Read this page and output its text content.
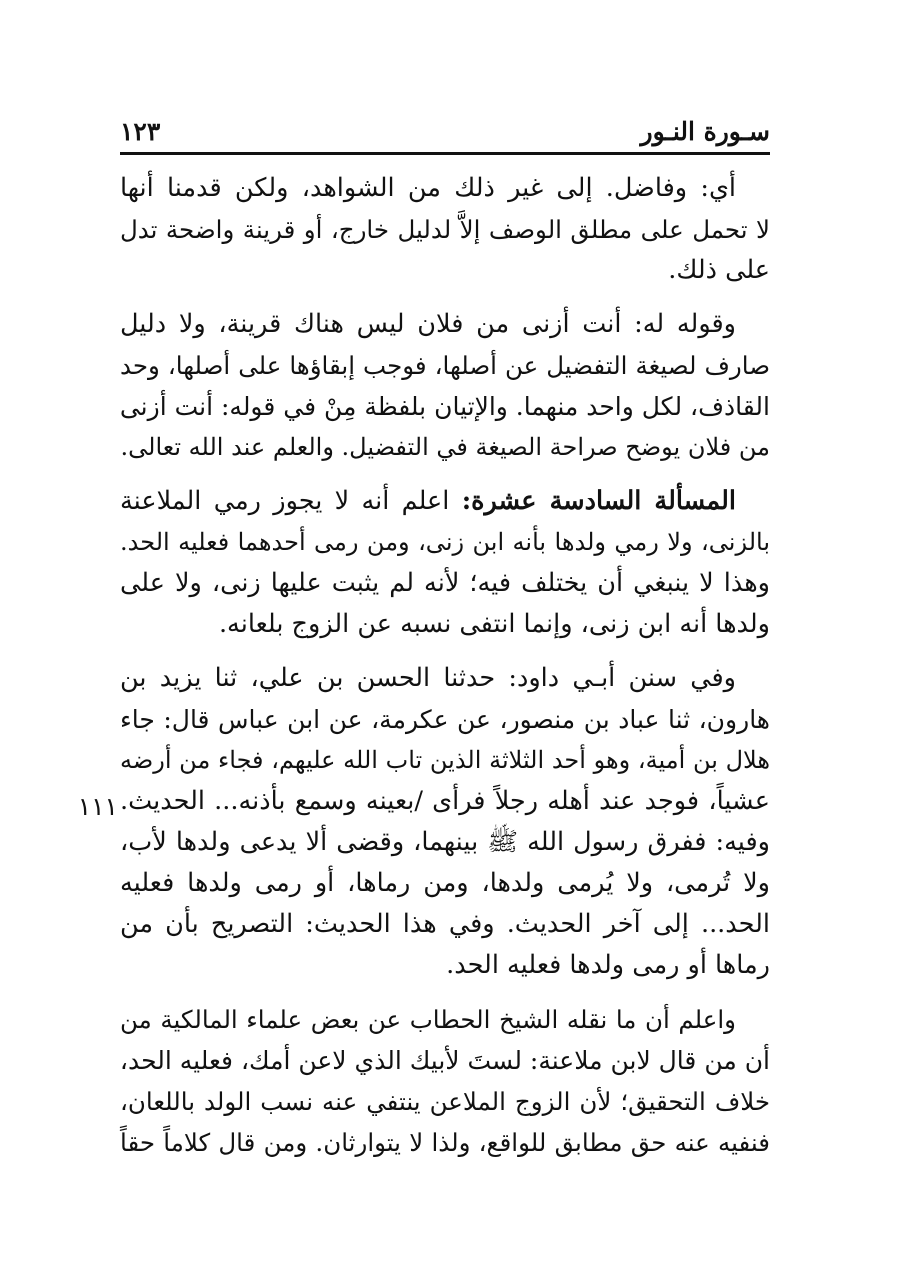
سـورة النـور
١٢٣
١١١
أي: وفاضل. إلى غير ذلك من الشواهد، ولكن قدمنا أنها
لا تحمل على مطلق الوصف إلاَّ لدليل خارج، أو قرينة واضحة تدل
على ذلك.
وقوله له: أنت أزنى من فلان ليس هناك قرينة، ولا دليل
صارف لصيغة التفضيل عن أصلها، فوجب إبقاؤها على أصلها، وحد
القاذف، لكل واحد منهما. والإتيان بلفظة مِنْ في قوله: أنت أزنى
من فلان يوضح صراحة الصيغة في التفضيل. والعلم عند الله تعالى.
المسألة السادسة عشرة: اعلم أنه لا يجوز رمي الملاعنة
بالزنى، ولا رمي ولدها بأنه ابن زنى، ومن رمى أحدهما فعليه الحد.
وهذا لا ينبغي أن يختلف فيه؛ لأنه لم يثبت عليها زنى، ولا على
ولدها أنه ابن زنى، وإنما انتفى نسبه عن الزوج بلعانه.
وفي سنن أبـي داود: حدثنا الحسن بن علي، ثنا يزيد بن
هارون، ثنا عباد بن منصور، عن عكرمة، عن ابن عباس قال: جاء
هلال بن أمية، وهو أحد الثلاثة الذين تاب الله عليهم، فجاء من أرضه
عشياً، فوجد عند أهله رجلاً فرأى /بعينه وسمع بأذنه... الحديث.
وفيه: ففرق رسول الله ﷺ بينهما، وقضى ألا يدعى ولدها لأب،
ولا تُرمى، ولا يُرمى ولدها، ومن رماها، أو رمى ولدها فعليه
الحد... إلى آخر الحديث. وفي هذا الحديث: التصريح بأن من
رماها أو رمى ولدها فعليه الحد.
واعلم أن ما نقله الشيخ الحطاب عن بعض علماء المالكية من
أن من قال لابن ملاعنة: لستَ لأبيك الذي لاعن أمك، فعليه الحد،
خلاف التحقيق؛ لأن الزوج الملاعن ينتفي عنه نسب الولد باللعان،
فنفيه عنه حق مطابق للواقع، ولذا لا يتوارثان. ومن قال كلاماً حقاً
